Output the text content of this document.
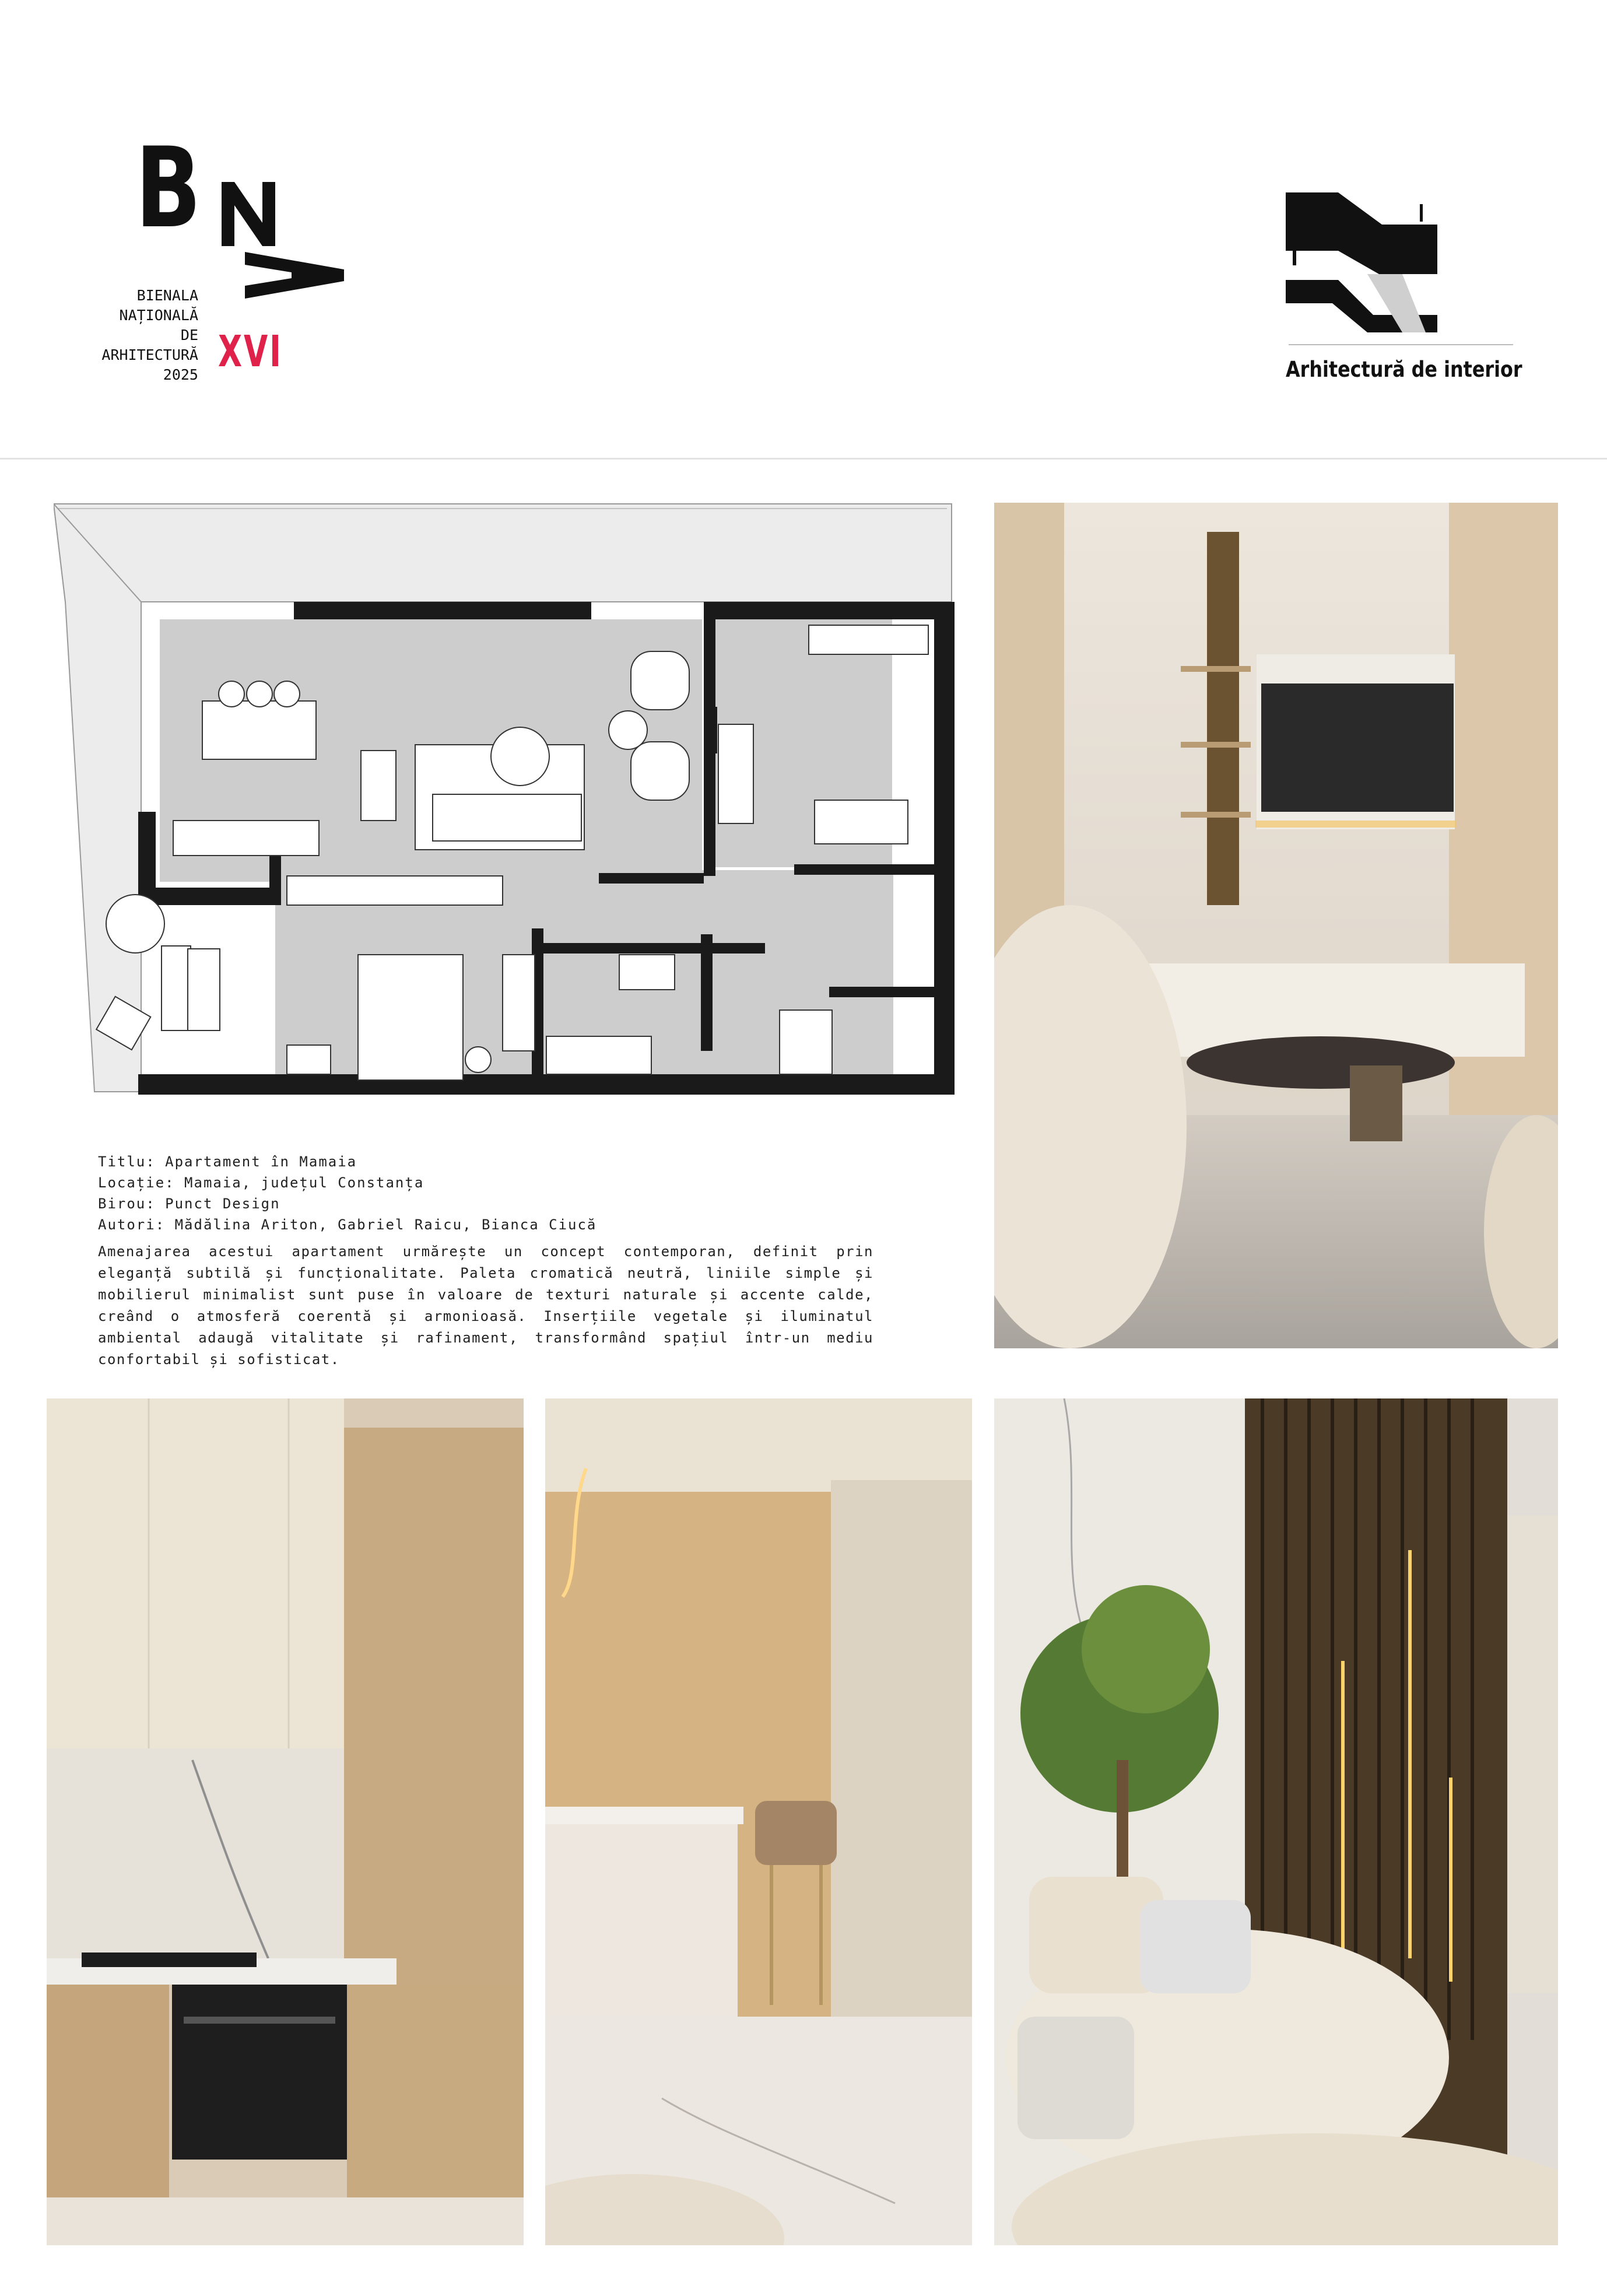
B
BIENALA
NAȚIONALĂ
DE
ARHITECTURĂ
2025 XVI	Arhitectură de interior
Titlu: Apartament în Mamaia
Locație: Mamaia, județul Constanța
Birou: Punct Design
Autori: Mădălina Ariton, Gabriel Raicu, Bianca Ciucă
Amenajarea acestui apartament urmărește un concept contemporan, definit prin eleganță subtilă și funcționalitate. Paleta cromatică neutră, liniile simple și mobilierul minimalist sunt puse în valoare de texturi naturale și accente calde, creând o atmosferă coerentă și armonioasă. Inserțiile vegetale și iluminatul ambiental adaugă vitalitate și rafinament, transformând spațiul într-un mediu confortabil și sofisticat.
